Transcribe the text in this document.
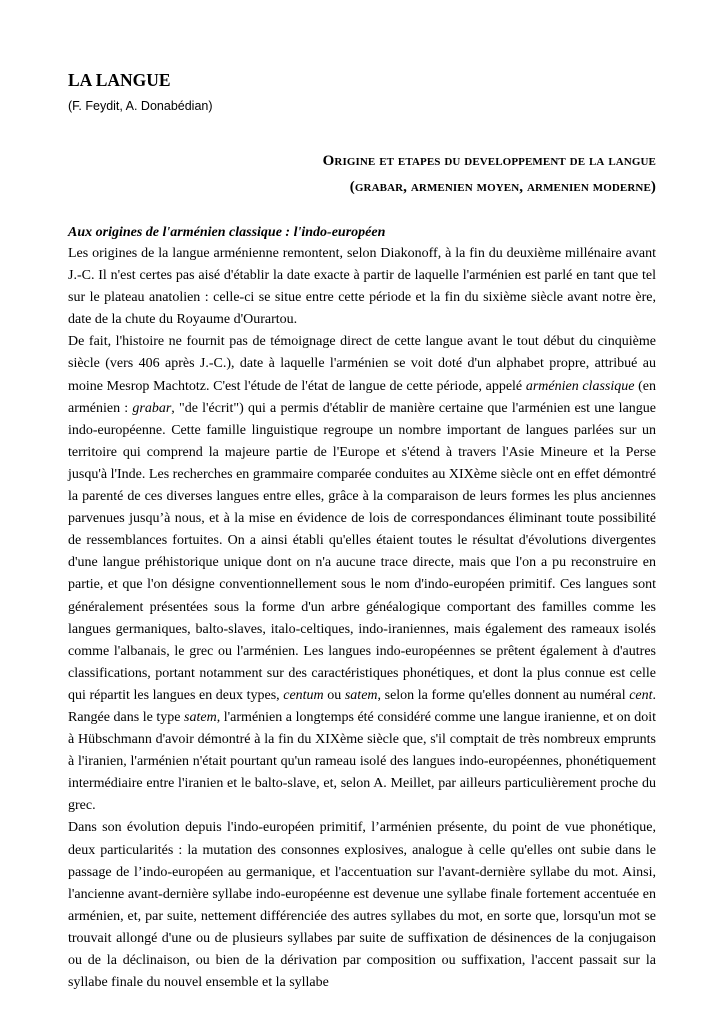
LA LANGUE

(F. Feydit, A. Donabédian)

Origine et etapes du developpement de la langue
(grabar, armenien moyen, armenien moderne)

Aux origines de l'arménien classique : l'indo-européen

Les origines de la langue arménienne remontent, selon Diakonoff, à la fin du deuxième millénaire avant J.-C. Il n'est certes pas aisé d'établir la date exacte à partir de laquelle l'arménien est parlé en tant que tel sur le plateau anatolien : celle-ci se situe entre cette période et la fin du sixième siècle avant notre ère, date de la chute du Royaume d'Ourartou.

De fait, l'histoire ne fournit pas de témoignage direct de cette langue avant le tout début du cinquième siècle (vers 406 après J.-C.), date à laquelle l'arménien se voit doté d'un alphabet propre, attribué au moine Mesrop Machtotz. C'est l'étude de l'état de langue de cette période, appelé arménien classique (en arménien : grabar, "de l'écrit") qui a permis d'établir de manière certaine que l'arménien est une langue indo-européenne. Cette famille linguistique regroupe un nombre important de langues parlées sur un territoire qui comprend la majeure partie de l'Europe et s'étend à travers l'Asie Mineure et la Perse jusqu'à l'Inde. Les recherches en grammaire comparée conduites au XIXème siècle ont en effet démontré la parenté de ces diverses langues entre elles, grâce à la comparaison de leurs formes les plus anciennes parvenues jusqu’à nous, et à la mise en évidence de lois de correspondances éliminant toute possibilité de ressemblances fortuites. On a ainsi établi qu'elles étaient toutes le résultat d'évolutions divergentes d'une langue préhistorique unique dont on n'a aucune trace directe, mais que l'on a pu reconstruire en partie, et que l'on désigne conventionnellement sous le nom d'indo-européen primitif. Ces langues sont généralement présentées sous la forme d'un arbre généalogique comportant des familles comme les langues germaniques, balto-slaves, italo-celtiques, indo-iraniennes, mais également des rameaux isolés comme l'albanais, le grec ou l'arménien. Les langues indo-européennes se prêtent également à d'autres classifications, portant notamment sur des caractéristiques phonétiques, et dont la plus connue est celle qui répartit les langues en deux types, centum ou satem, selon la forme qu'elles donnent au numéral cent. Rangée dans le type satem, l'arménien a longtemps été considéré comme une langue iranienne, et on doit à Hübschmann d'avoir démontré à la fin du XIXème siècle que, s'il comptait de très nombreux emprunts à l'iranien, l'arménien n'était pourtant qu'un rameau isolé des langues indo-européennes, phonétiquement intermédiaire entre l'iranien et le balto-slave, et, selon A. Meillet, par ailleurs particulièrement proche du grec.

Dans son évolution depuis l'indo-européen primitif, l’arménien présente, du point de vue phonétique, deux particularités : la mutation des consonnes explosives, analogue à celle qu'elles ont subie dans le passage de l’indo-européen au germanique, et l'accentuation sur l'avant-dernière syllabe du mot. Ainsi, l'ancienne avant-dernière syllabe indo-européenne est devenue une syllabe finale fortement accentuée en arménien, et, par suite, nettement différenciée des autres syllabes du mot, en sorte que, lorsqu'un mot se trouvait allongé d'une ou de plusieurs syllabes par suite de suffixation de désinences de la conjugaison ou de la déclinaison, ou bien de la dérivation par composition ou suffixation, l'accent passait sur la syllabe finale du nouvel ensemble et la syllabe
